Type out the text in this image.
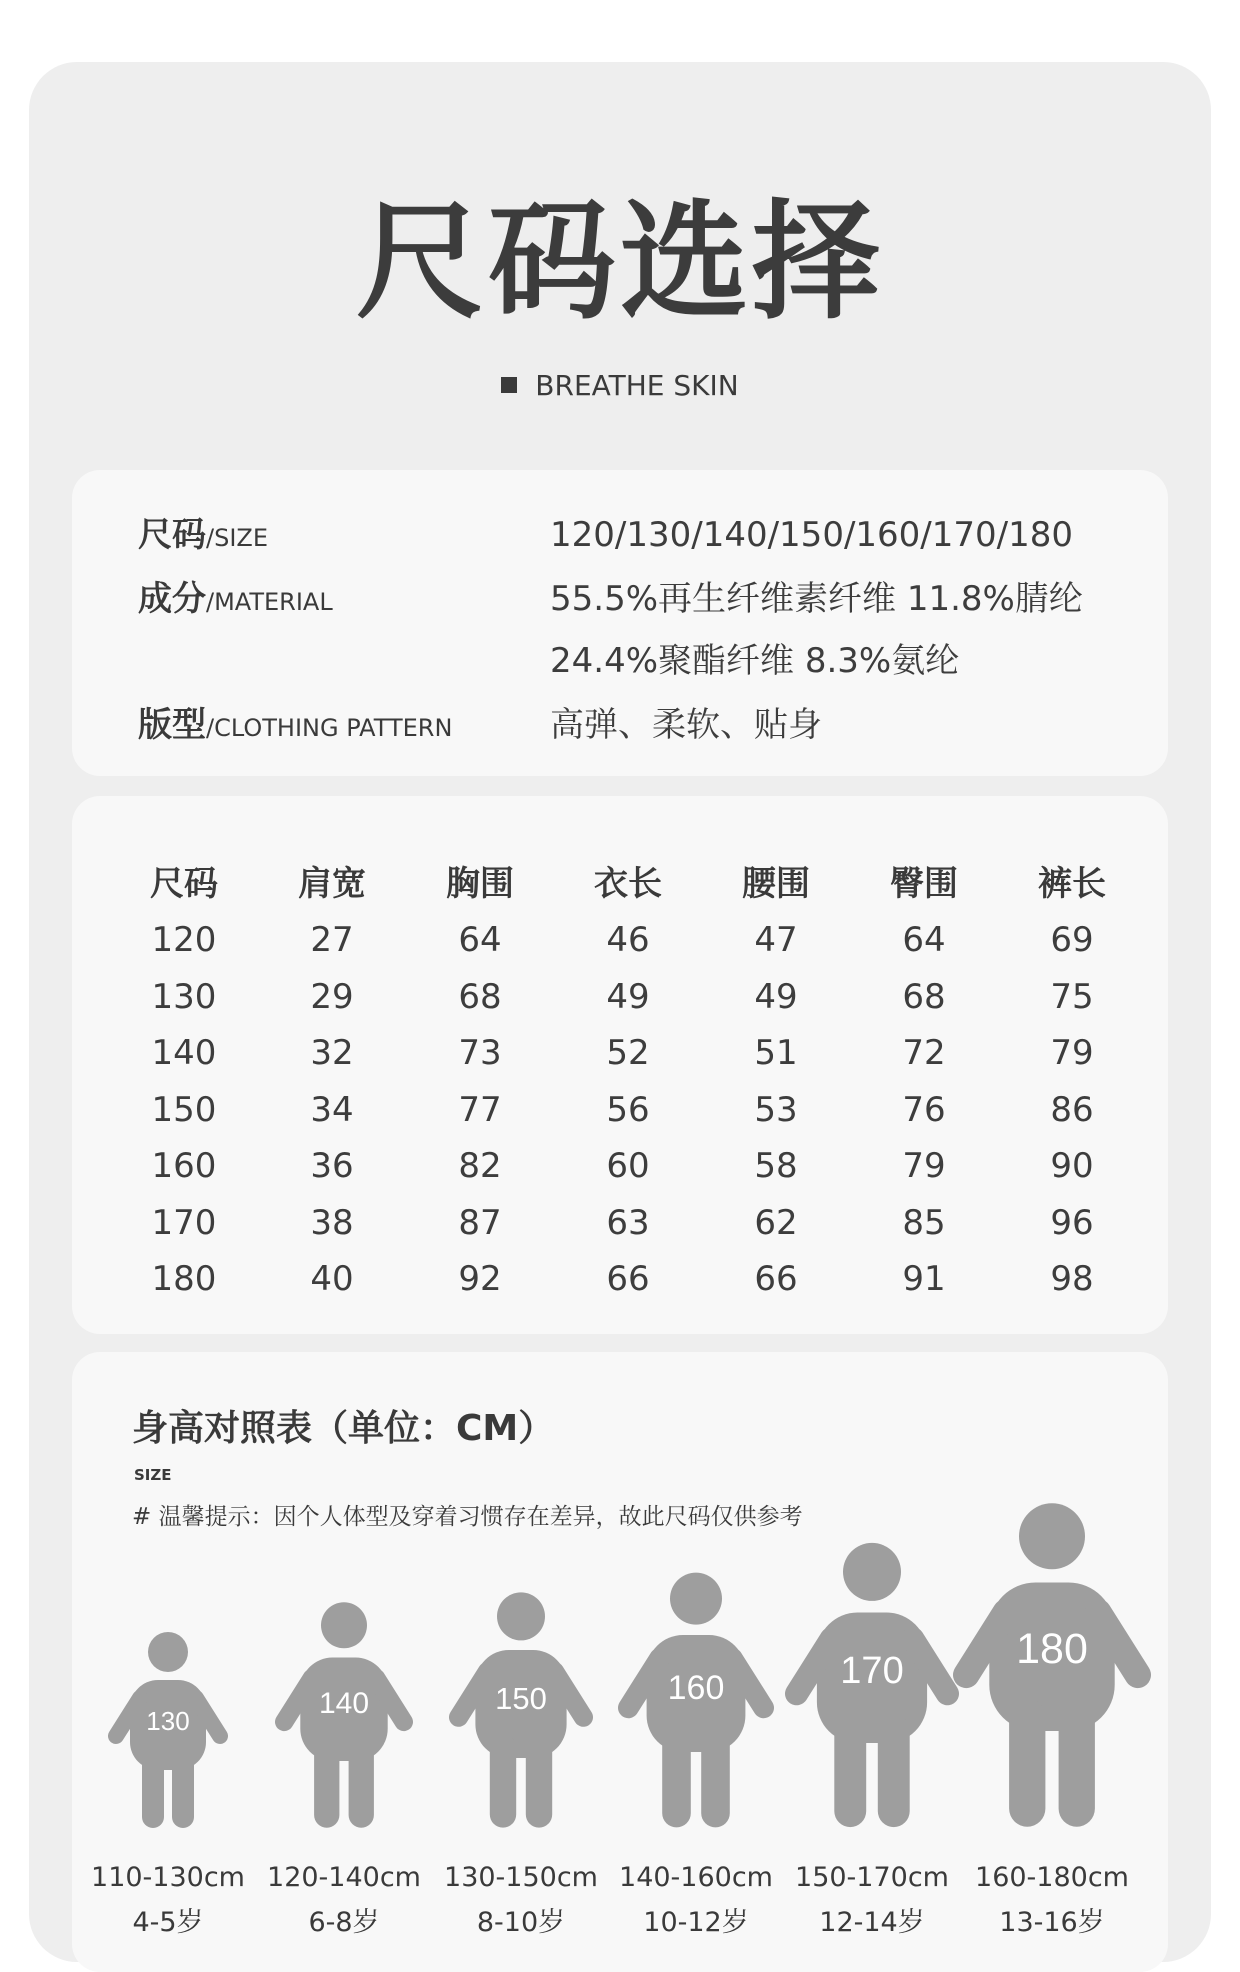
尺码选择
BREATHE SKIN
尺码/SIZE	120/130/140/150/160/170/180
成分/MATERIAL	55.5%再生纤维素纤维 11.8%腈纶
24.4%聚酯纤维 8.3%氨纶
版型/CLOTHING PATTERN	高弹、柔软、贴身
尺码	肩宽	胸围	衣长	腰围	臀围	裤长
120	27	64	46	47	64	69
130	29	68	49	49	68	75
140	32	73	52	51	72	79
150	34	77	56	53	76	86
160	36	82	60	58	79	90
170	38	87	63	62	85	96
180	40	92	66	66	91	98
身高对照表（单位：CM）
SIZE
# 温馨提示：因个人体型及穿着习惯存在差异，故此尺码仅供参考
130
110-130cm
4-5岁
140
120-140cm
6-8岁
150
130-150cm
8-10岁
160
140-160cm
10-12岁
170
150-170cm
12-14岁
180
160-180cm
13-16岁
